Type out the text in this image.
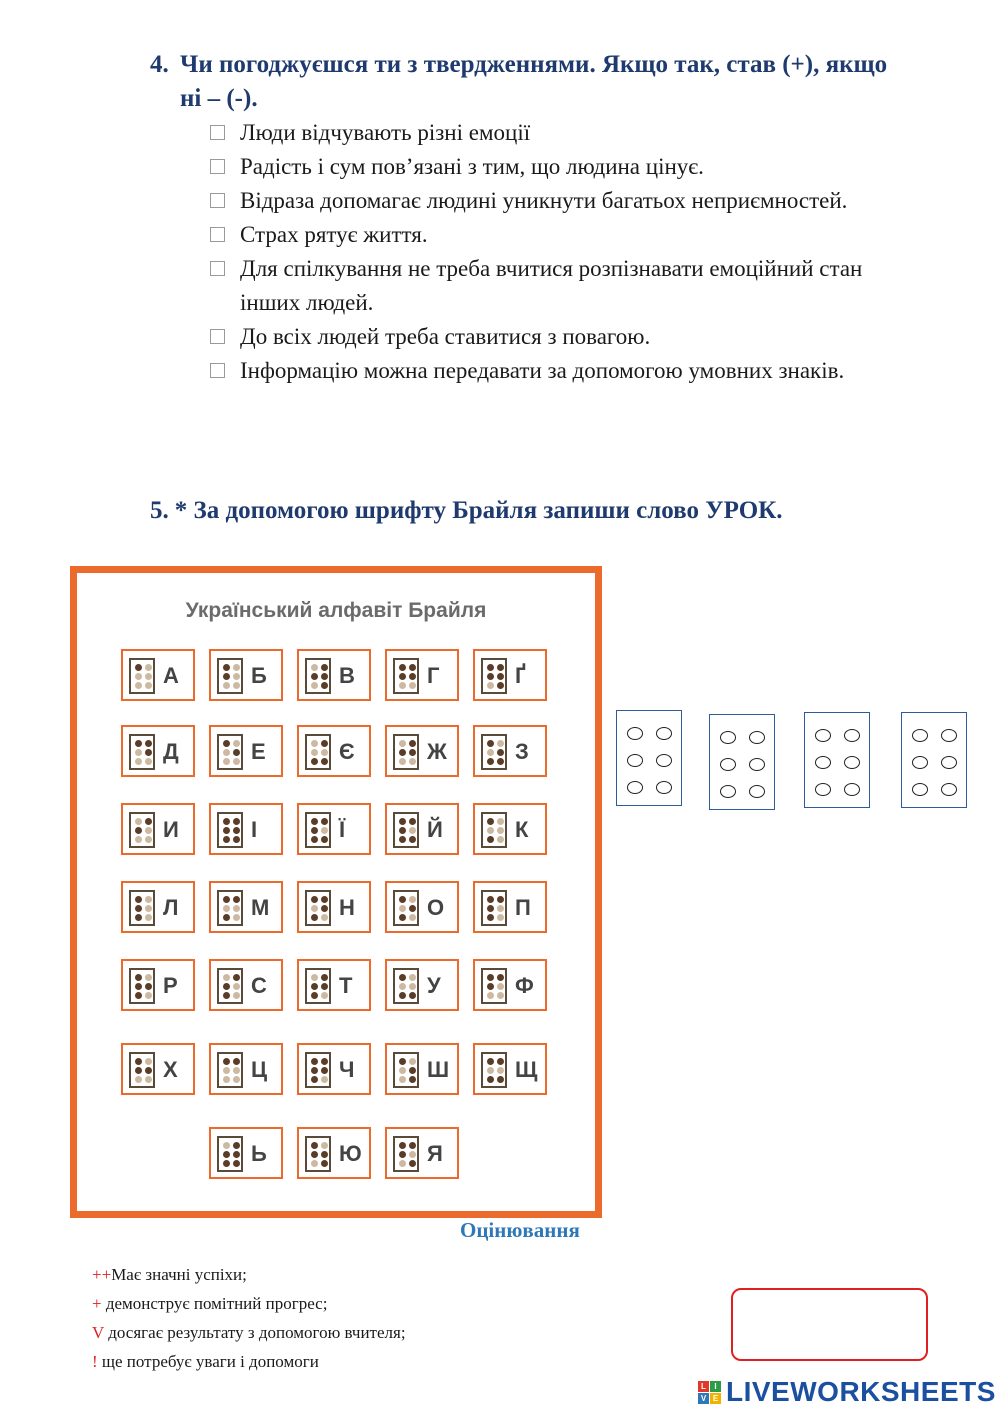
4. Чи погоджуєшся ти з твердженнями. Якщо так, став (+), якщо ні – (-).
Люди відчувають різні емоції
Радість і сум пов’язані з тим, що людина цінує.
Відраза допомагає людині уникнути багатьох неприємностей.
Страх рятує життя.
Для спілкування не треба вчитися розпізнавати емоційний стан інших людей.
До всіх людей треба ставитися з повагою.
Інформацію можна передавати за допомогою умовних знаків.
5. * За допомогою шрифту Брайля запиши слово УРОК.
Український алфавіт Брайля
А	Б	В	Г	Ґ
Д	Е	Є	Ж	З
И	І	Ї	Й	К
Л	М	Н	О	П
Р	С	Т	У	Ф
Х	Ц	Ч	Ш	Щ
Ь	Ю	Я
Оцінювання
++Має значні успіхи;
+ демонструє помітний прогрес;
V досягає результату з допомогою вчителя;
! ще потребує уваги і допомоги
L	I
V E LIVEWORKSHEETS
